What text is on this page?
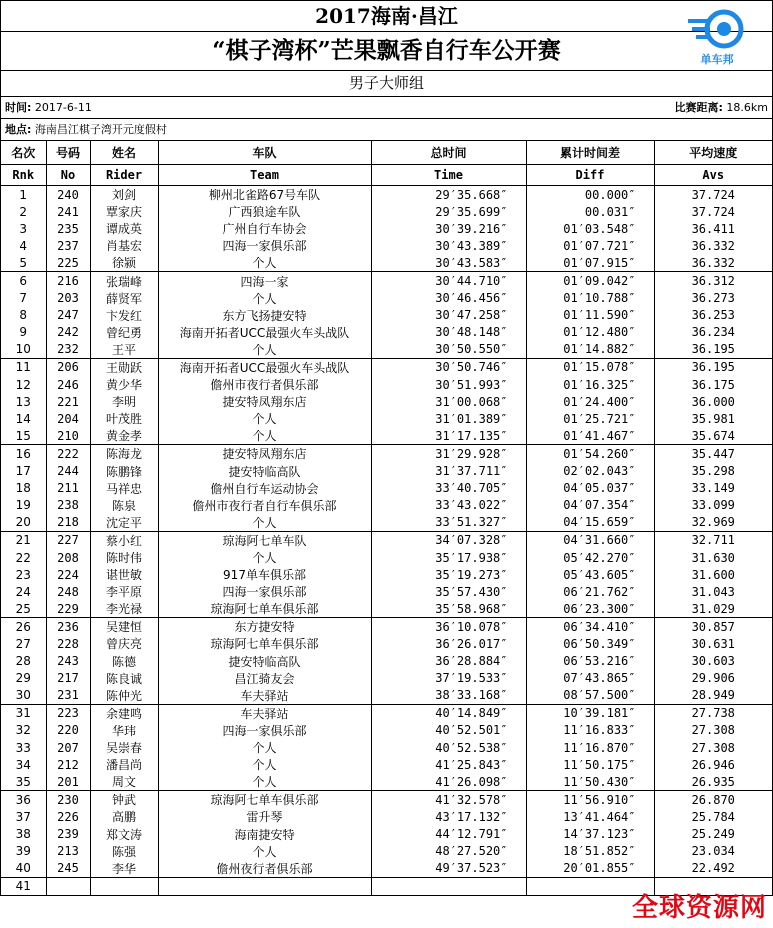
2017海南·昌江
“棋子湾杯”芒果飘香自行车公开赛
男子大师组
单车邦
时间: 2017-6-11	比赛距离: 18.6km
地点: 海南昌江棋子湾开元度假村
名次	号码	姓名	车队	总时间	累计时间差	平均速度
Rnk	No	Rider	Team	Time	Diff	Avs
1	240	刘剑	柳州北雀路67号车队	29′35.668″	00.000″	37.724
2	241	覃家庆	广西狼途车队	29′35.699″	00.031″	37.724
3	235	谭成英	广州自行车协会	30′39.216″	01′03.548″	36.411
4	237	肖基宏	四海一家俱乐部	30′43.389″	01′07.721″	36.332
5	225	徐颍	个人	30′43.583″	01′07.915″	36.332
6	216	张瑞峰	四海一家	30′44.710″	01′09.042″	36.312
7	203	薛贤军	个人	30′46.456″	01′10.788″	36.273
8	247	卞发红	东方飞扬捷安特	30′47.258″	01′11.590″	36.253
9	242	曾纪勇	海南开拓者UCC最强火车头战队	30′48.148″	01′12.480″	36.234
10	232	王平	个人	30′50.550″	01′14.882″	36.195
11	206	王勋跃	海南开拓者UCC最强火车头战队	30′50.746″	01′15.078″	36.195
12	246	黄少华	儋州市夜行者俱乐部	30′51.993″	01′16.325″	36.175
13	221	李明	捷安特凤翔东店	31′00.068″	01′24.400″	36.000
14	204	叶茂胜	个人	31′01.389″	01′25.721″	35.981
15	210	黄金孝	个人	31′17.135″	01′41.467″	35.674
16	222	陈海龙	捷安特凤翔东店	31′29.928″	01′54.260″	35.447
17	244	陈鹏锋	捷安特临高队	31′37.711″	02′02.043″	35.298
18	211	马祥忠	儋州自行车运动协会	33′40.705″	04′05.037″	33.149
19	238	陈泉	儋州市夜行者自行车俱乐部	33′43.022″	04′07.354″	33.099
20	218	沈定平	个人	33′51.327″	04′15.659″	32.969
21	227	蔡小红	琼海阿七单车队	34′07.328″	04′31.660″	32.711
22	208	陈时伟	个人	35′17.938″	05′42.270″	31.630
23	224	谌世敏	917单车俱乐部	35′19.273″	05′43.605″	31.600
24	248	李平原	四海一家俱乐部	35′57.430″	06′21.762″	31.043
25	229	李光禄	琼海阿七单车俱乐部	35′58.968″	06′23.300″	31.029
26	236	吴建恒	东方捷安特	36′10.078″	06′34.410″	30.857
27	228	曾庆亮	琼海阿七单车俱乐部	36′26.017″	06′50.349″	30.631
28	243	陈德	捷安特临高队	36′28.884″	06′53.216″	30.603
29	217	陈良诚	昌江骑友会	37′19.533″	07′43.865″	29.906
30	231	陈仲光	车夫驿站	38′33.168″	08′57.500″	28.949
31	223	余建鸣	车夫驿站	40′14.849″	10′39.181″	27.738
32	220	华玮	四海一家俱乐部	40′52.501″	11′16.833″	27.308
33	207	吴崇春	个人	40′52.538″	11′16.870″	27.308
34	212	潘昌尚	个人	41′25.843″	11′50.175″	26.946
35	201	周文	个人	41′26.098″	11′50.430″	26.935
36	230	钟武	琼海阿七单车俱乐部	41′32.578″	11′56.910″	26.870
37	226	高鹏	雷升琴	43′17.132″	13′41.464″	25.784
38	239	郑文涛	海南捷安特	44′12.791″	14′37.123″	25.249
39	213	陈强	个人	48′27.520″	18′51.852″	23.034
40	245	李华	儋州夜行者俱乐部	49′37.523″	20′01.855″	22.492
41						
全球资源网
